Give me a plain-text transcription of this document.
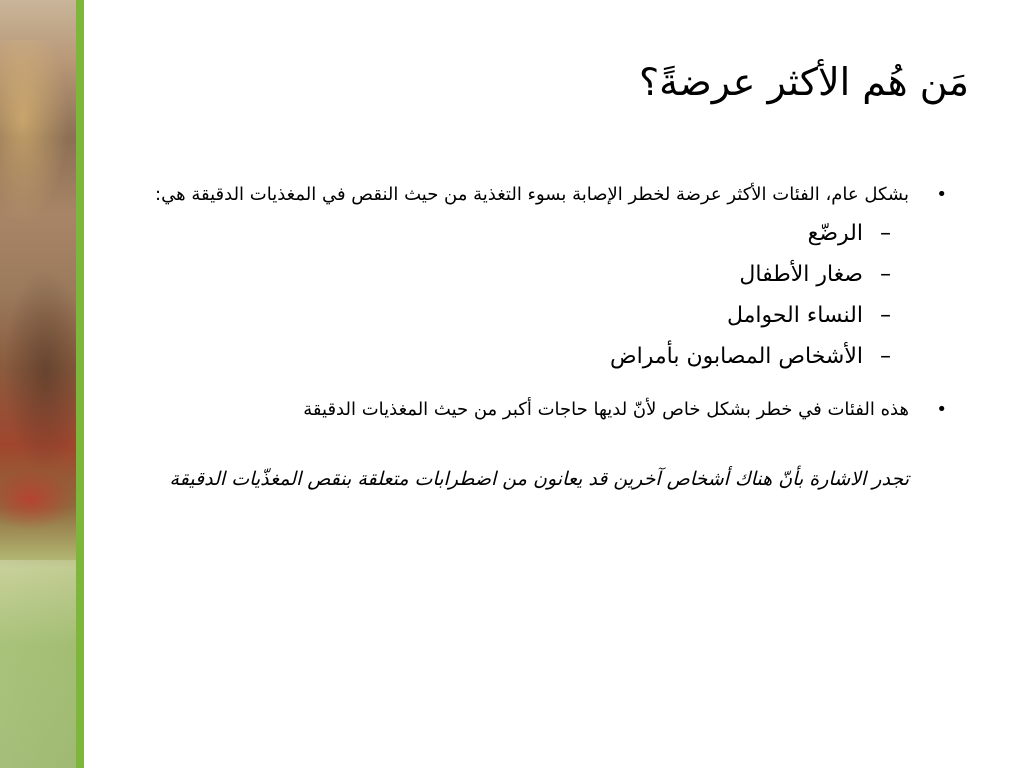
Nutrition in Emergencies
مَن هُم الأكثر عرضةً؟
•
بشكل عام، الفئات الأكثر عرضة لخطر الإصابة بسوء التغذية من حيث النقص في المغذيات الدقيقة هي:
–الرضّع
–صغار الأطفال
–النساء الحوامل
–الأشخاص المصابون بأمراض
•
هذه الفئات في خطر بشكل خاص لأنّ لديها حاجات أكبر من حيث المغذيات الدقيقة
تجدر الاشارة بأنّ هناك أشخاص آخرين قد يعانون من اضطرابات متعلقة بنقص المغذّيات الدقيقة
